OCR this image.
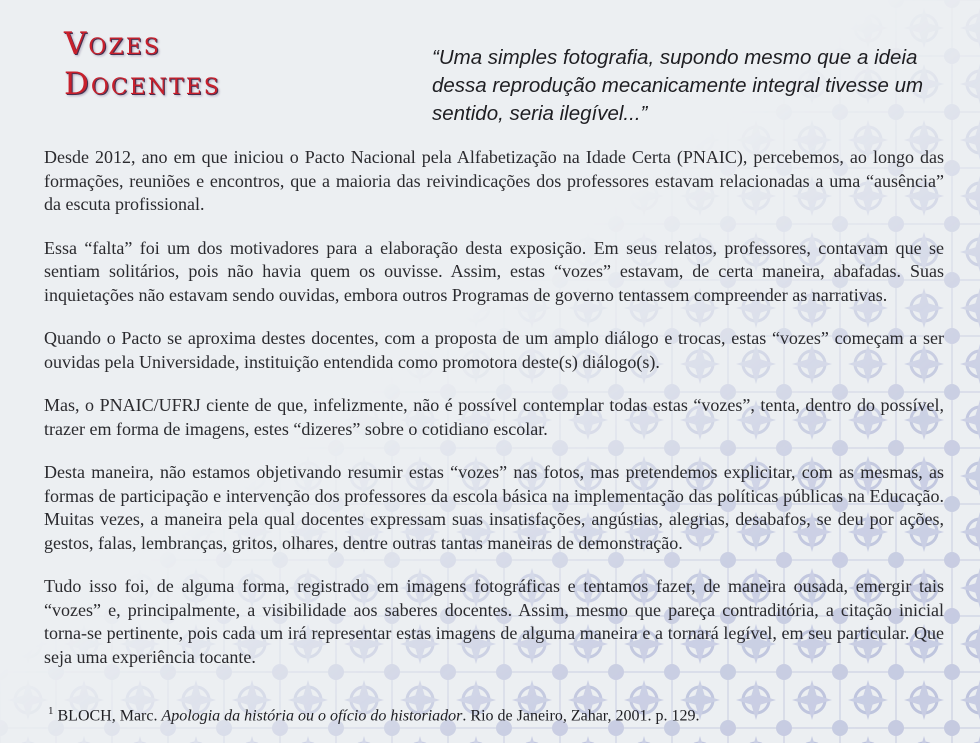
Vozes
Docentes
“Uma simples fotografia, supondo mesmo que a ideia dessa reprodução mecanicamente integral tivesse um sentido, seria ilegível...”

Desde 2012, ano em que iniciou o Pacto Nacional pela Alfabetização na Idade Certa (PNAIC), percebemos, ao longo das formações, reuniões e encontros, que a maioria das reivindicações dos professores estavam relacionadas a uma “ausência” da escuta profissional.

Essa “falta” foi um dos motivadores para a elaboração desta exposição. Em seus relatos, professores, contavam que se sentiam solitários, pois não havia quem os ouvisse. Assim, estas “vozes” estavam, de certa maneira, abafadas. Suas inquietações não estavam sendo ouvidas, embora outros Programas de governo tentassem compreender as narrativas.

Quando o Pacto se aproxima destes docentes, com a proposta de um amplo diálogo e trocas, estas “vozes” começam a ser ouvidas pela Universidade, instituição entendida como promotora deste(s) diálogo(s).

Mas, o PNAIC/UFRJ ciente de que, infelizmente, não é possível contemplar todas estas “vozes”, tenta, dentro do possível, trazer em forma de imagens, estes “dizeres” sobre o cotidiano escolar.

Desta maneira, não estamos objetivando resumir estas “vozes” nas fotos, mas pretendemos explicitar, com as mesmas, as formas de participação e intervenção dos professores da escola básica na implementação das políticas públicas na Educação. Muitas vezes, a maneira pela qual docentes expressam suas insatisfações, angústias, alegrias, desabafos, se deu por ações, gestos, falas, lembranças, gritos, olhares, dentre outras tantas maneiras de demonstração.

Tudo isso foi, de alguma forma, registrado em imagens fotográficas e tentamos fazer, de maneira ousada, emergir tais “vozes” e, principalmente, a visibilidade aos saberes docentes. Assim, mesmo que pareça contraditória, a citação inicial torna-se pertinente, pois cada um irá representar estas imagens de alguma maneira e a tornará legível, em seu particular. Que seja uma experiência tocante.

$^1$ BLOCH, Marc. Apologia da história ou o ofício do historiador. Rio de Janeiro, Zahar, 2001. p. 129.
